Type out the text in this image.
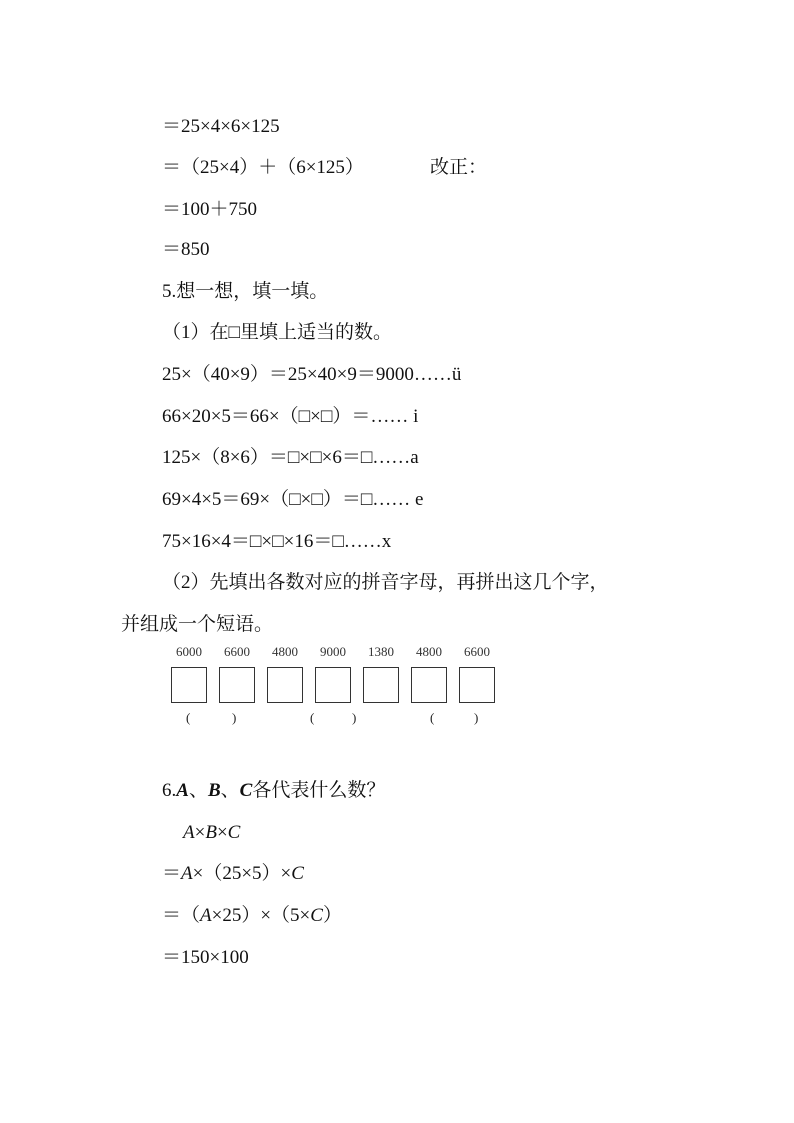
＝25×4×6×125
＝（25×4）＋（6×125）	改正：
＝100＋750
＝850
5.想一想，填一填。
（1）在□里填上适当的数。
25×（40×9）＝25×40×9＝9000……ü
66×20×5＝66×（□×□）＝…… i
125×（8×6）＝□×□×6＝□……a
69×4×5＝69×（□×□）＝□…… e
75×16×4＝□×□×16＝□……x
（2）先填出各数对应的拼音字母，再拼出这几个字，
并组成一个短语。
6000	6600	4800	9000	1380	4800	6600
(	)	(	)	(	)
6.A、B、C各代表什么数？
A×B×C
＝A×（25×5）×C
＝（A×25）×（5×C）
＝150×100
